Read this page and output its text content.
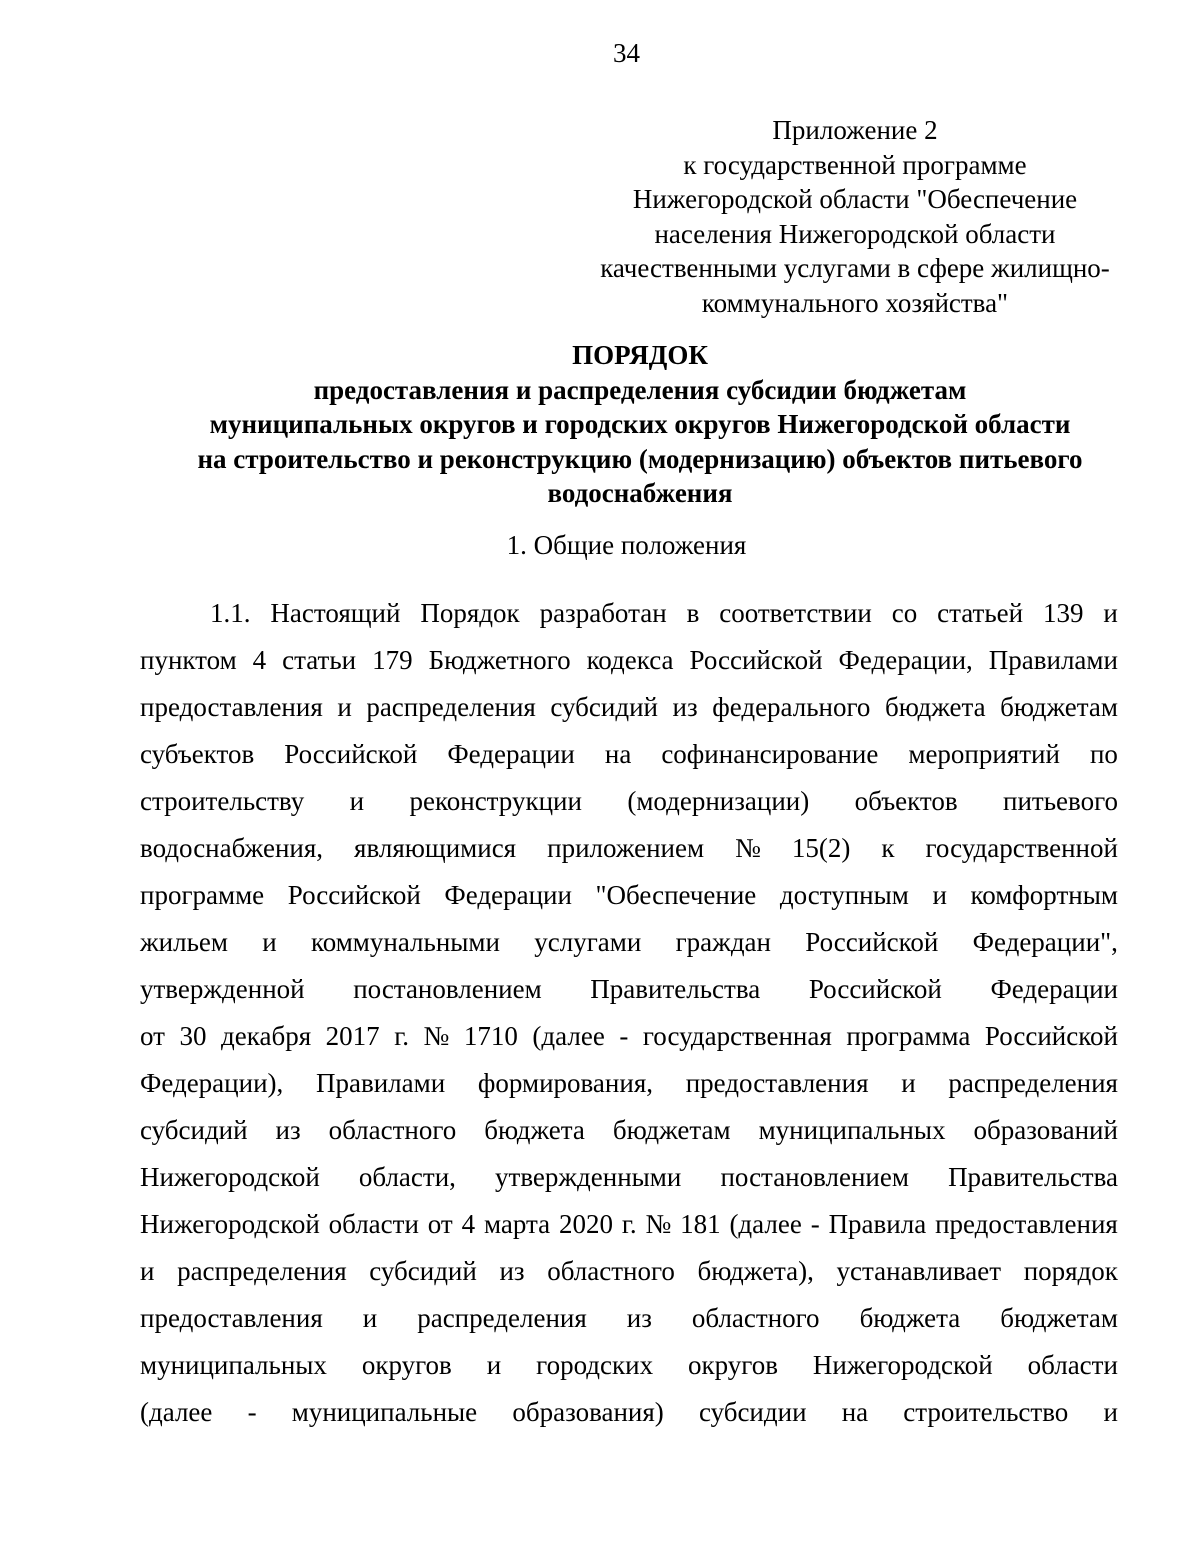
34
Приложение 2
к государственной программе
Нижегородской области "Обеспечение
населения Нижегородской области
качественными услугами в сфере жилищно-
коммунального хозяйства"
ПОРЯДОК
предоставления и распределения субсидии бюджетам
муниципальных округов и городских округов Нижегородской области
на строительство и реконструкцию (модернизацию) объектов питьевого
водоснабжения
1. Общие положения
1.1. Настоящий Порядок разработан в соответствии со статьей 139 и
пунктом 4 статьи 179 Бюджетного кодекса Российской Федерации, Правилами
предоставления и распределения субсидий из федерального бюджета бюджетам
субъектов Российской Федерации на софинансирование мероприятий по
строительству и реконструкции (модернизации) объектов питьевого
водоснабжения, являющимися приложением № 15(2) к государственной
программе Российской Федерации "Обеспечение доступным и комфортным
жильем и коммунальными услугами граждан Российской Федерации",
утвержденной постановлением Правительства Российской Федерации
от 30 декабря 2017 г. № 1710 (далее - государственная программа Российской
Федерации), Правилами формирования, предоставления и распределения
субсидий из областного бюджета бюджетам муниципальных образований
Нижегородской области, утвержденными постановлением Правительства
Нижегородской области от 4 марта 2020 г. № 181 (далее - Правила предоставления
и распределения субсидий из областного бюджета), устанавливает порядок
предоставления и распределения из областного бюджета бюджетам
муниципальных округов и городских округов Нижегородской области
(далее - муниципальные образования) субсидии на строительство и
